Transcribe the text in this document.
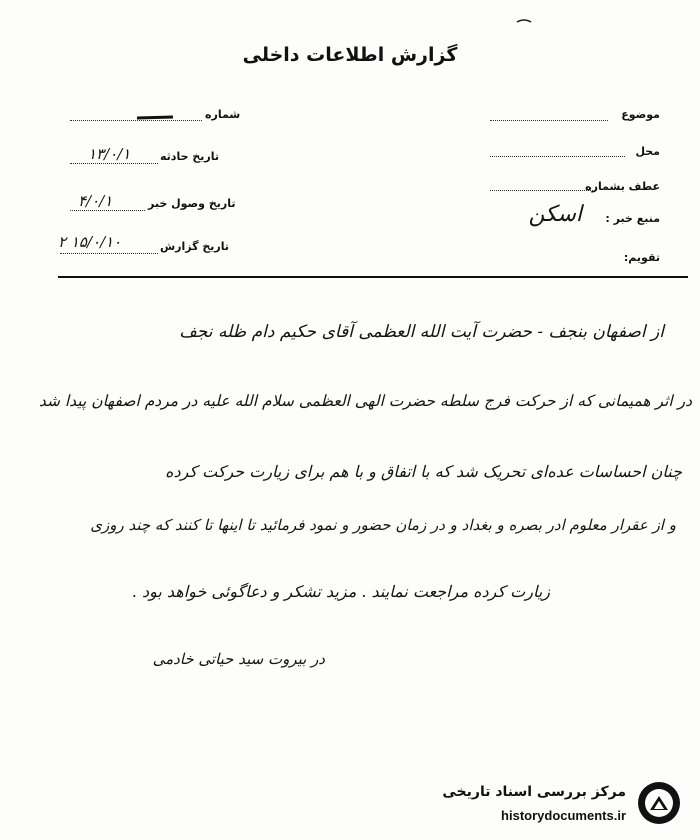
گزارش اطلاعات داخلی
موضوع
محل
عطف بشماره
منبع خبر :
اسکن
تقویم:
شماره
تاریخ حادثه
۱۳/۰/۱
تاریخ وصول خبر
۴/۰/۱
تاریخ گزارش
۱۵/۰/۱۰ ۲
از اصفهان بنجف - حضرت آیت الله العظمی آقای حکیم دام ظله نجف
در اثر همیمانی که از حرکت فرج سلطه حضرت الهی العظمی سلام الله علیه در مردم اصفهان پیدا شد
چنان احساسات عده‌ای تحریک شد که با اتفاق و با هم برای زیارت حرکت کرده
و از عقرار معلوم ادر بصره و بغداد و در زمان حضور و نمود فرمائید تا اینها تا کنند که چند روزی
زیارت کرده مراجعت نمایند . مزید تشکر و دعاگوئی خواهد بود .
در بیروت سید حیاتی خادمی
مرکز بررسی اسناد تاریخی
historydocuments.ir
